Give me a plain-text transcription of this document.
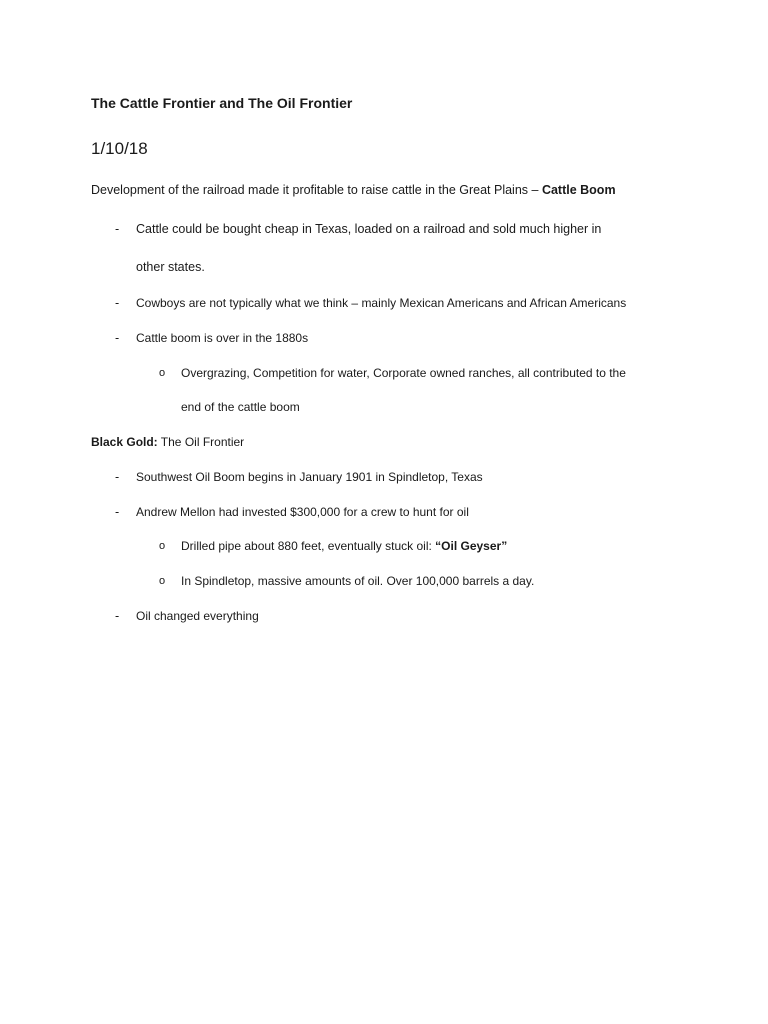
The Cattle Frontier and The Oil Frontier
1/10/18
Development of the railroad made it profitable to raise cattle in the Great Plains – Cattle Boom
- Cattle could be bought cheap in Texas, loaded on a railroad and sold much higher in
other states.
- Cowboys are not typically what we think – mainly Mexican Americans and African Americans
- Cattle boom is over in the 1880s
o Overgrazing, Competition for water, Corporate owned ranches, all contributed to the
end of the cattle boom
Black Gold: The Oil Frontier
- Southwest Oil Boom begins in January 1901 in Spindletop, Texas
- Andrew Mellon had invested $300,000 for a crew to hunt for oil
o Drilled pipe about 880 feet, eventually stuck oil: “Oil Geyser”
o In Spindletop, massive amounts of oil. Over 100,000 barrels a day.
- Oil changed everything
